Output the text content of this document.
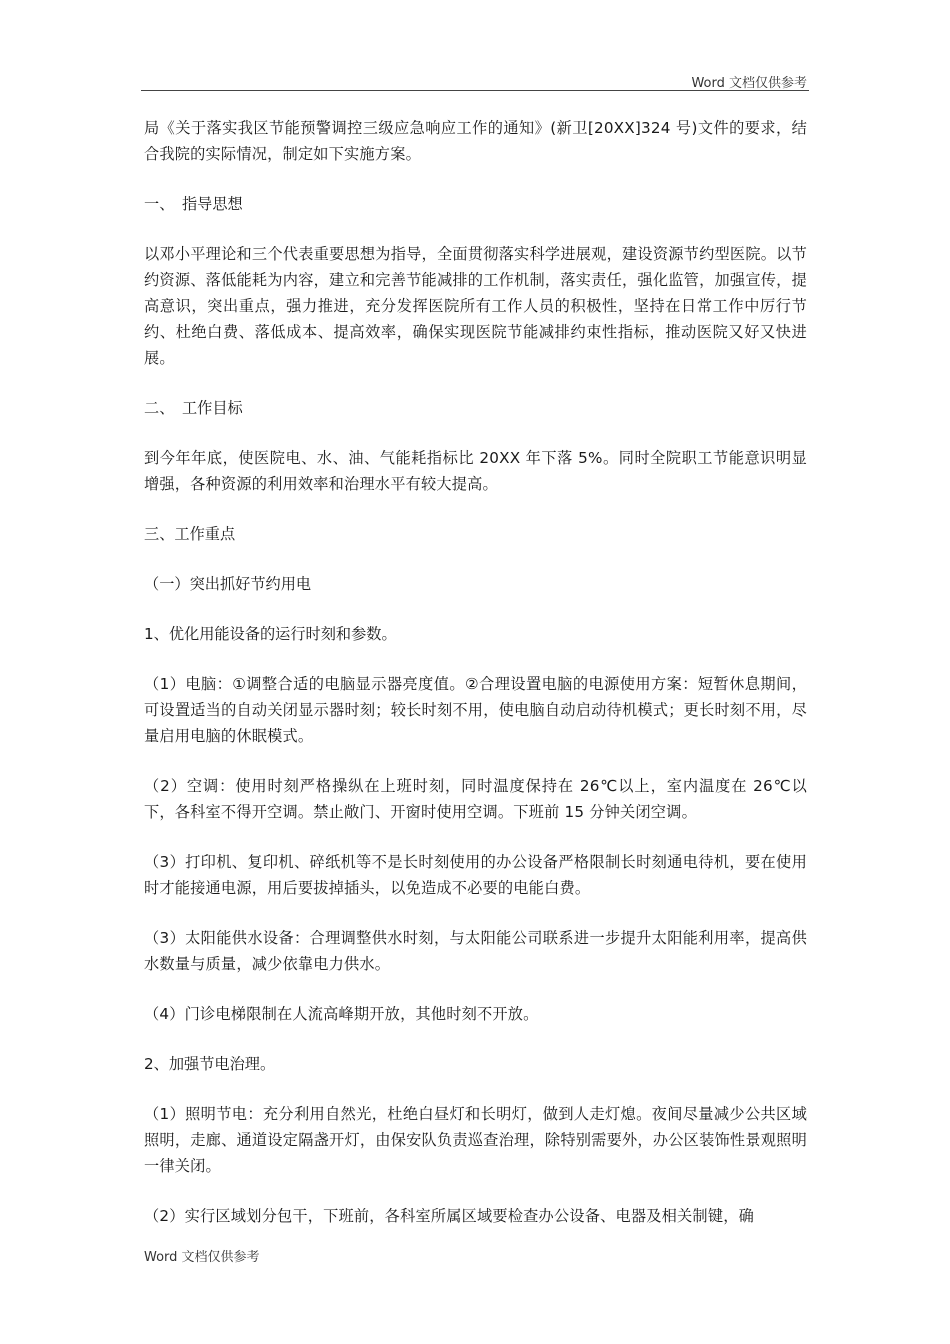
Word 文档仅供参考

局《关于落实我区节能预警调控三级应急响应工作的通知》(新卫[20XX]324 号)文件的要求，结合我院的实际情况，制定如下实施方案。

一、　指导思想

以邓小平理论和三个代表重要思想为指导，全面贯彻落实科学进展观，建设资源节约型医院。以节约资源、落低能耗为内容，建立和完善节能减排的工作机制，落实责任，强化监管，加强宣传，提高意识，突出重点，强力推进，充分发挥医院所有工作人员的积极性，坚持在日常工作中厉行节约、杜绝白费、落低成本、提高效率，确保实现医院节能减排约束性指标，推动医院又好又快进展。

二、　工作目标

到今年年底，使医院电、水、油、气能耗指标比 20XX 年下落 5%。同时全院职工节能意识明显增强，各种资源的利用效率和治理水平有较大提高。

三、工作重点

（一）突出抓好节约用电

1、优化用能设备的运行时刻和参数。

（1）电脑：①调整合适的电脑显示器亮度值。②合理设置电脑的电源使用方案：短暂休息期间，可设置适当的自动关闭显示器时刻；较长时刻不用，使电脑自动启动待机模式；更长时刻不用，尽量启用电脑的休眠模式。

（2）空调：使用时刻严格操纵在上班时刻，同时温度保持在 26℃以上，室内温度在 26℃以下，各科室不得开空调。禁止敞门、开窗时使用空调。下班前 15 分钟关闭空调。

（3）打印机、复印机、碎纸机等不是长时刻使用的办公设备严格限制长时刻通电待机，要在使用时才能接通电源，用后要拔掉插头，以免造成不必要的电能白费。

（3）太阳能供水设备：合理调整供水时刻，与太阳能公司联系进一步提升太阳能利用率，提高供水数量与质量，减少依靠电力供水。

（4）门诊电梯限制在人流高峰期开放，其他时刻不开放。

2、加强节电治理。

（1）照明节电：充分利用自然光，杜绝白昼灯和长明灯，做到人走灯熄。夜间尽量减少公共区域照明，走廊、通道设定隔盏开灯，由保安队负责巡查治理，除特别需要外，办公区装饰性景观照明一律关闭。

（2）实行区域划分包干，下班前，各科室所属区域要检查办公设备、电器及相关制键，确

Word 文档仅供参考
